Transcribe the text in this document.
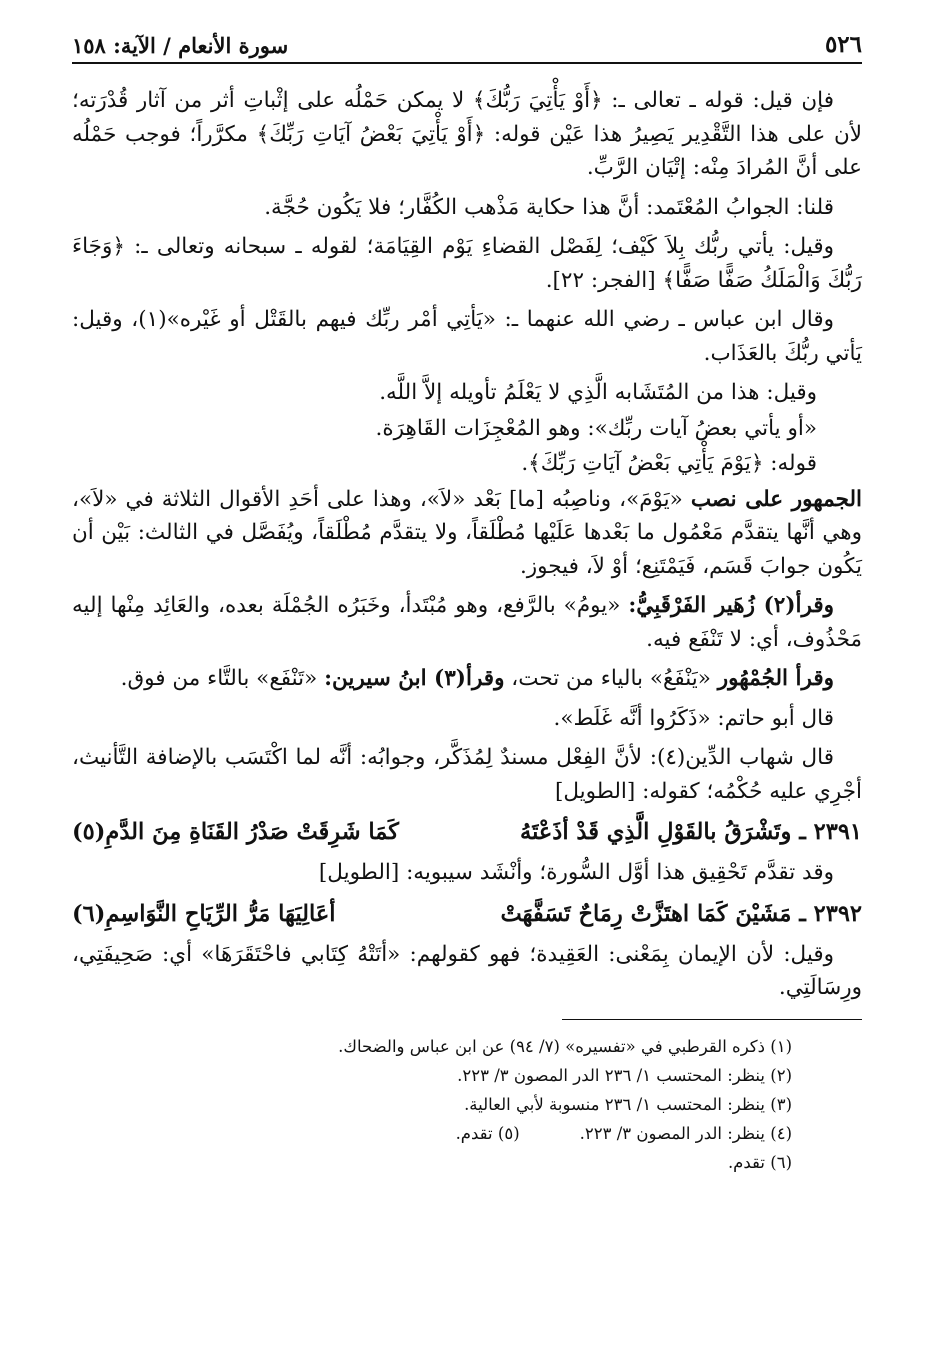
٥٢٦
سورة الأنعام / الآية: ١٥٨

فإن قيل: قوله ـ تعالى ـ: ﴿أَوْ يَأْتِيَ رَبُّكَ﴾ لا يمكن حَمْلُه على إثْباتِ أثر من آثار قُدْرَته؛ لأن على هذا التَّقْدِير يَصِيرُ هذا عَيْن قوله: ﴿أَوْ يَأْتِيَ بَعْضُ آيَاتِ رَبِّكَ﴾ مكرَّراً؛ فوجب حَمْلُه على أنَّ المُرادَ مِنْه: إتْيَان الرَّبِّ.

قلنا: الجوابُ المُعْتَمد: أنَّ هذا حكاية مَذْهب الكُفَّار؛ فلا يَكُون حُجَّة.

وقيل: يأتي ربُّك بِلاَ كَيْف؛ لِفَصْل القضاءِ يَوْم القِيَامَة؛ لقوله ـ سبحانه وتعالى ـ: ﴿وَجَاءَ رَبُّكَ وَالْمَلَكُ صَفًّا صَفًّا﴾ [الفجر: ٢٢].

وقال ابن عباس ـ رضي الله عنهما ـ: «يَأتِي أمْر ربِّك فيهم بالقَتْل أو غَيْره»(١)، وقيل: يَأتي ربُّكَ بالعَذَاب.

وقيل: هذا من المُتَشَابه الَّذِي لا يَعْلَمُ تأويله إلاَّ اللَّه.

«أو يأتي بعضُ آيات ربِّك»: وهو المُعْجِزَات القَاهِرَة.

قوله: ﴿يَوْمَ يَأْتِي بَعْضُ آيَاتِ رَبِّكَ﴾.

الجمهور على نصب «يَوْمَ»، وناصِبُه [ما] بَعْد «لاَ»، وهذا على أحَدِ الأقوال الثلاثة في «لاَ»، وهي أنَّها يتقدَّم مَعْمُول ما بَعْدها عَلَيْها مُطْلَقاً، ولا يتقدَّم مُطْلَقاً، ويُفَصَّل في الثالث: بَيْن أن يَكُون جوابَ قَسَم، فَيَمْتَنِع؛ أوْ لاَ، فيجوز.

وقرأ(٢) زُهَير الفَرْقَبِيُّ: «يومُ» بالرَّفع، وهو مُبْتَدأ، وخَبَرُه الجُمْلَة بعده، والعَائِد مِنْها إليه مَحْذُوف، أي: لا تَنْفَع فيه.

وقرأ الجُمْهُور «يَنْفَعُ» بالياء من تحت، وقرأ(٣) ابنُ سيرين: «تَنْفَع» بالتَّاء من فوق.

قال أبو حاتم: «ذَكَرُوا أنَّه غَلَط».

قال شهاب الدِّين(٤): لأنَّ الفِعْل مسندٌ لِمُذَكَّر، وجوابُه: أنَّه لما اكْتَسَب بالإضافة التَّأنيث، أجْرِي عليه حُكْمُه؛ كقوله: [الطويل]

٢٣٩١ ـ وتَشْرَقُ بالقَوْلِ الَّذِي قَدْ أذَعْتَهُ
كَمَا شَرِقَتْ صَدْرُ القَنَاةِ مِنَ الدَّمِ(٥)

وقد تقدَّم تَحْقِيق هذا أوَّل السُّورة؛ وأنْشَد سيبويه: [الطويل]

٢٣٩٢ ـ مَشَيْنَ كَمَا اهتَزَّتْ رِمَاحٌ تَسَفَّهَتْ
أعَالِيَهَا مَرُّ الرِّيَاحِ النَّوَاسِمِ(٦)

وقيل: لأن الإيمان بِمَعْنى: العَقِيدة؛ فهو كقولهم: «أتَتْهُ كِتَابي فاحْتَقَرَهَا» أي: صَحِيفَتِي، ورِسَالَتِي.

(١) ذكره القرطبي في «تفسيره» (٧/ ٩٤) عن ابن عباس والضحاك.

(٢) ينظر: المحتسب ١/ ٢٣٦ الدر المصون ٣/ ٢٢٣.

(٣) ينظر: المحتسب ١/ ٢٣٦ منسوبة لأبي العالية.

(٤) ينظر: الدر المصون ٣/ ٢٢٣.(٥) تقدم.

(٦) تقدم.
